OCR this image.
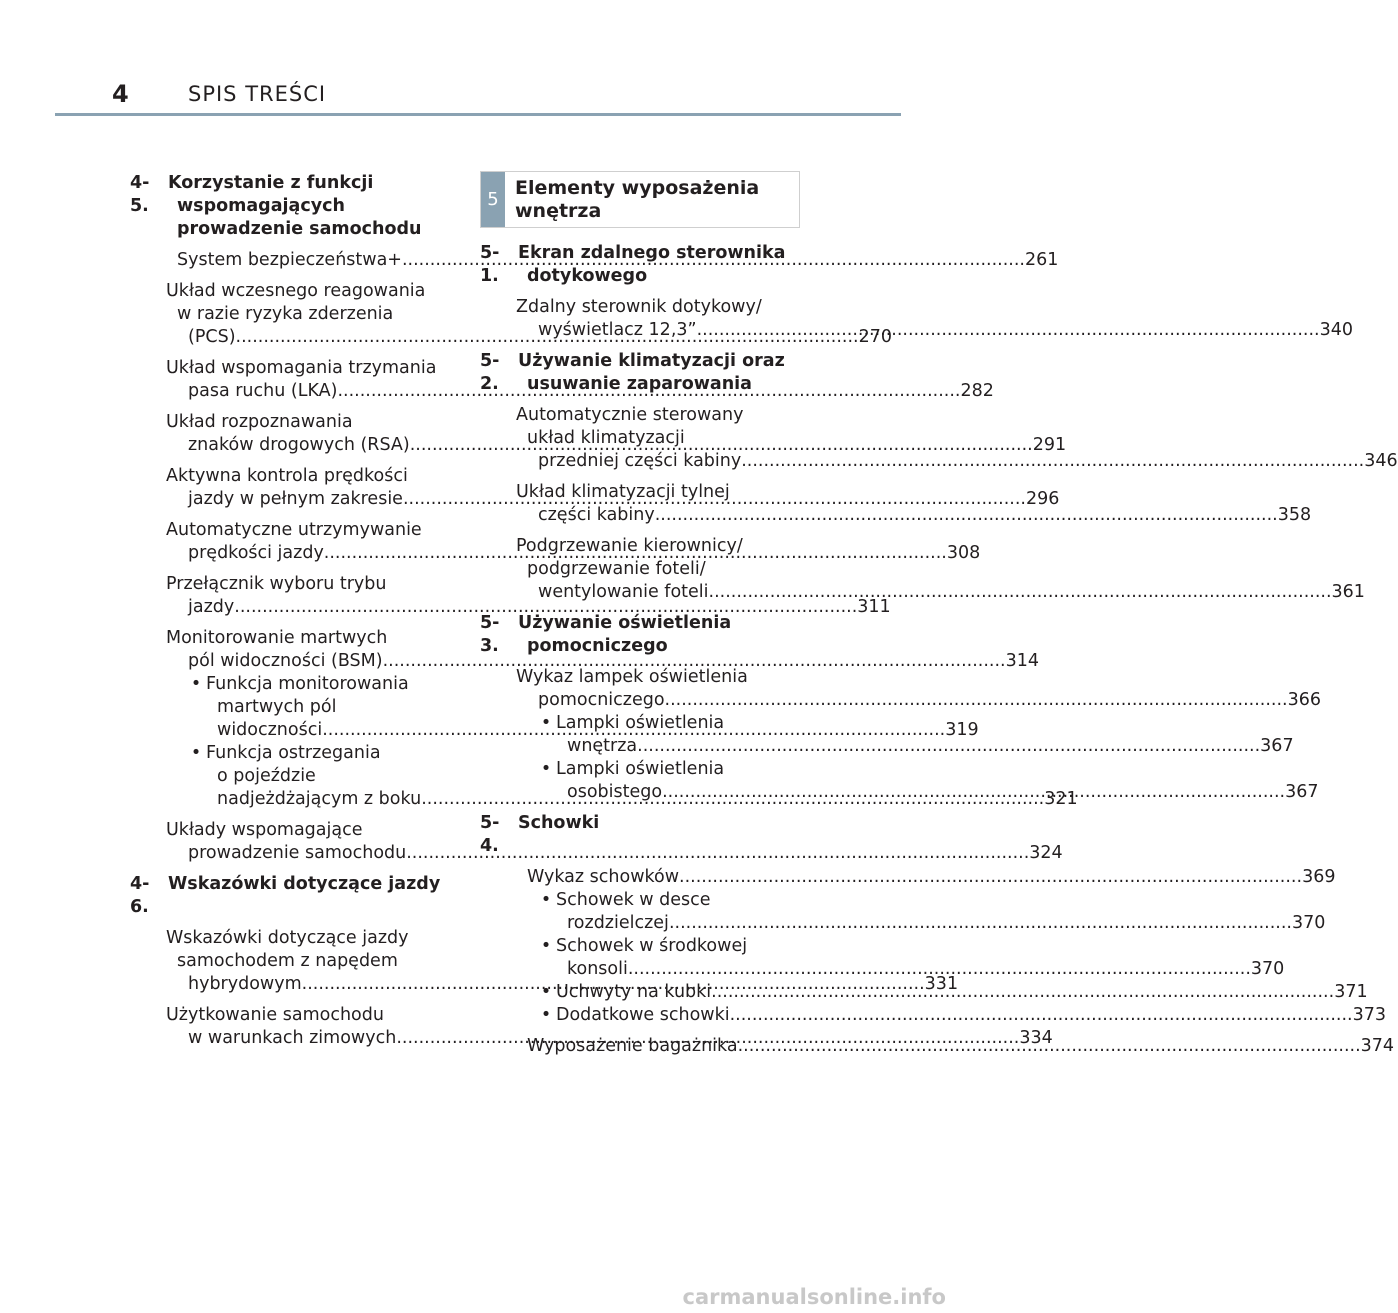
4	SPIS TREŚCI
4-5.
Korzystanie z funkcji wspomagających prowadzenie samochodu
System bezpieczeństwa+ .....	261
Układ wczesnego reagowania
w razie ryzyka zderzenia
(PCS) .....	270
Układ wspomagania trzymania
pasa ruchu (LKA) .....	282
Układ rozpoznawania
znaków drogowych (RSA) .....	291
Aktywna kontrola prędkości
jazdy w pełnym zakresie .....	296
Automatyczne utrzymywanie
prędkości jazdy .....	308
Przełącznik wyboru trybu
jazdy .....	311
Monitorowanie martwych
pól widoczności (BSM) .....	314
• Funkcja monitorowania
martwych pól
widoczności .....	319
• Funkcja ostrzegania
o pojeździe
nadjeżdżającym z boku .....	321
Układy wspomagające
prowadzenie samochodu .....	324
4-6.
Wskazówki dotyczące jazdy
Wskazówki dotyczące jazdy
samochodem z napędem
hybrydowym .....	331
Użytkowanie samochodu
w warunkach zimowych .....	334
5
Elementy wyposażenia
wnętrza
5-1.
Ekran zdalnego sterownika dotykowego
Zdalny sterownik dotykowy/
wyświetlacz 12,3” .....	340
5-2.
Używanie klimatyzacji oraz usuwanie zaparowania
Automatycznie sterowany
układ klimatyzacji
przedniej części kabiny .....	346
Układ klimatyzacji tylnej
części kabiny .....	358
Podgrzewanie kierownicy/
podgrzewanie foteli/
wentylowanie foteli .....	361
5-3.
Używanie oświetlenia pomocniczego
Wykaz lampek oświetlenia
pomocniczego .....	366
• Lampki oświetlenia
wnętrza .....	367
• Lampki oświetlenia
osobistego .....	367
5-4.
Schowki
Wykaz schowków .....	369
• Schowek w desce
rozdzielczej .....	370
• Schowek w środkowej
konsoli .....	370
• Uchwyty na kubki .....	371
• Dodatkowe schowki .....	373
Wyposażenie bagażnika .....	374
carmanualsonline.info
